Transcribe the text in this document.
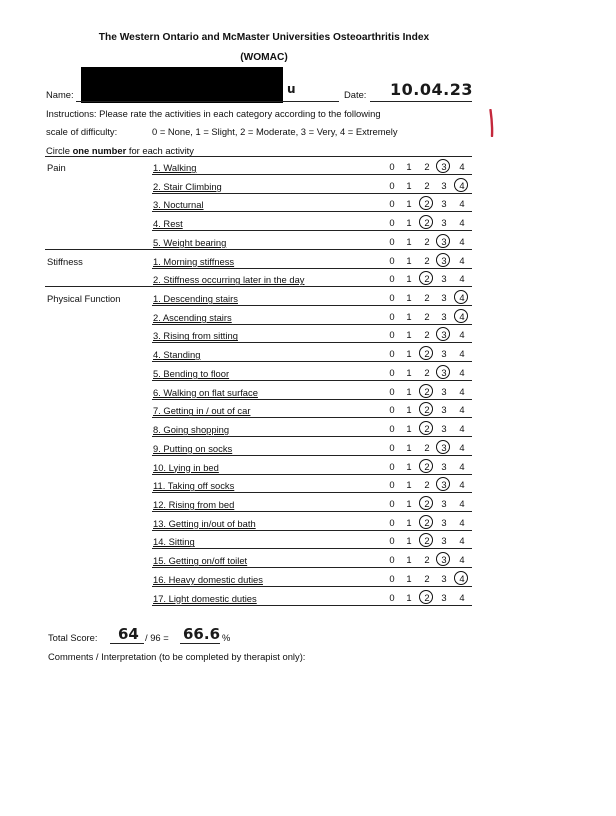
The Western Ontario and McMaster Universities Osteoarthritis Index
(WOMAC)
Name:	u	Date: 10.04.23
Instructions: Please rate the activities in each category according to the following
scale of difficulty:	0 = None, 1 = Slight, 2 = Moderate, 3 = Very, 4 = Extremely
Circle one number for each activity
Pain	1. Walking	0	1	2	3	4
2. Stair Climbing	0	1	2	3	4
3. Nocturnal	0	1	2	3	4
4. Rest	0	1	2	3	4
5. Weight bearing	0	1	2	3	4
Stiffness	1. Morning stiffness	0	1	2	3	4
2. Stiffness occurring later in the day	0	1	2	3	4
Physical Function	1. Descending stairs	0	1	2	3	4
2. Ascending stairs	0	1	2	3	4
3. Rising from sitting	0	1	2	3	4
4. Standing	0	1	2	3	4
5. Bending to floor	0	1	2	3	4
6. Walking on flat surface	0	1	2	3	4
7. Getting in / out of car	0	1	2	3	4
8. Going shopping	0	1	2	3	4
9. Putting on socks	0	1	2	3	4
10. Lying in bed	0	1	2	3	4
11. Taking off socks	0	1	2	3	4
12. Rising from bed	0	1	2	3	4
13. Getting in/out of bath	0	1	2	3	4
14. Sitting	0	1	2	3	4
15. Getting on/off toilet	0	1	2	3	4
16. Heavy domestic duties	0	1	2	3	4
17. Light domestic duties	0	1	2	3	4
Total Score: 64 / 96 = 66.6 %
Comments / Interpretation (to be completed by therapist only):
